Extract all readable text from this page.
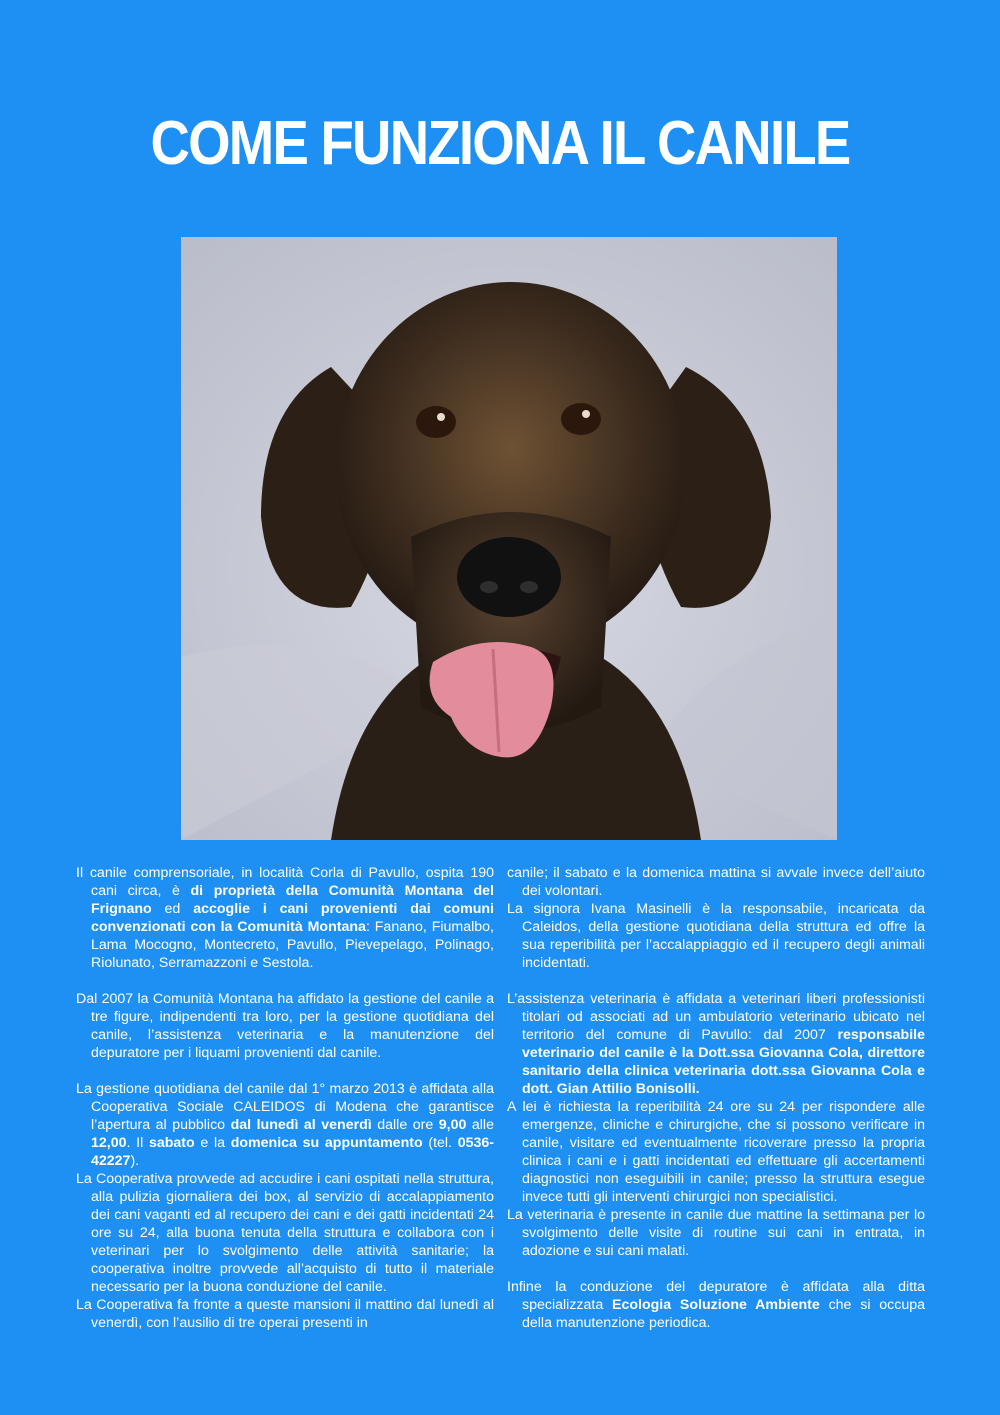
COME FUNZIONA IL CANILE

Il canile comprensoriale, in località Corla di Pavullo, ospita 190 cani circa, è di proprietà della Comunità Montana del Frignano ed accoglie i cani provenienti dai comuni convenzionati con la Comunità Montana: Fanano, Fiumalbo, Lama Mocogno, Montecreto, Pavullo, Pievepelago, Polinago, Riolunato, Serramazzoni e Sestola.

Dal 2007 la Comunità Montana ha affidato la gestione del canile a tre figure, indipendenti tra loro, per la gestione quotidiana del canile, l’assistenza veterinaria e la manutenzione del depuratore per i liquami provenienti dal canile.

La gestione quotidiana del canile dal 1° marzo 2013 è affidata alla Cooperativa Sociale CALEIDOS di Modena che garantisce l’apertura al pubblico dal lunedì al venerdì dalle ore 9,00 alle 12,00. Il sabato e la domenica su appuntamento (tel. 0536-42227).

La Cooperativa provvede ad accudire i cani ospitati nella struttura, alla pulizia giornaliera dei box, al servizio di accalappiamento dei cani vaganti ed al recupero dei cani e dei gatti incidentati 24 ore su 24, alla buona tenuta della struttura e collabora con i veterinari per lo svolgimento delle attività sanitarie; la cooperativa inoltre provvede all’acquisto di tutto il materiale necessario per la buona conduzione del canile.

La Cooperativa fa fronte a queste mansioni il mattino dal lunedì al venerdì, con l’ausilio di tre operai presenti in

canile; il sabato e la domenica mattina si avvale invece dell’aiuto dei volontari.

La signora Ivana Masinelli è la responsabile, incaricata da Caleidos, della gestione quotidiana della struttura ed offre la sua reperibilità per l’accalappiaggio ed il recupero degli animali incidentati.

L’assistenza veterinaria è affidata a veterinari liberi professionisti titolari od associati ad un ambulatorio veterinario ubicato nel territorio del comune di Pavullo: dal 2007 responsabile veterinario del canile è la Dott.ssa Giovanna Cola, direttore sanitario della clinica veterinaria dott.ssa Giovanna Cola e dott. Gian Attilio Bonisolli.

A lei è richiesta la reperibilità 24 ore su 24 per rispondere alle emergenze, cliniche e chirurgiche, che si possono verificare in canile, visitare ed eventualmente ricoverare presso la propria clinica i cani e i gatti incidentati ed effettuare gli accertamenti diagnostici non eseguibili in canile; presso la struttura esegue invece tutti gli interventi chirurgici non specialistici.

La veterinaria è presente in canile due mattine la settimana per lo svolgimento delle visite di routine sui cani in entrata, in adozione e sui cani malati.

Infine la conduzione del depuratore è affidata alla ditta specializzata Ecologia Soluzione Ambiente che si occupa della manutenzione periodica.
